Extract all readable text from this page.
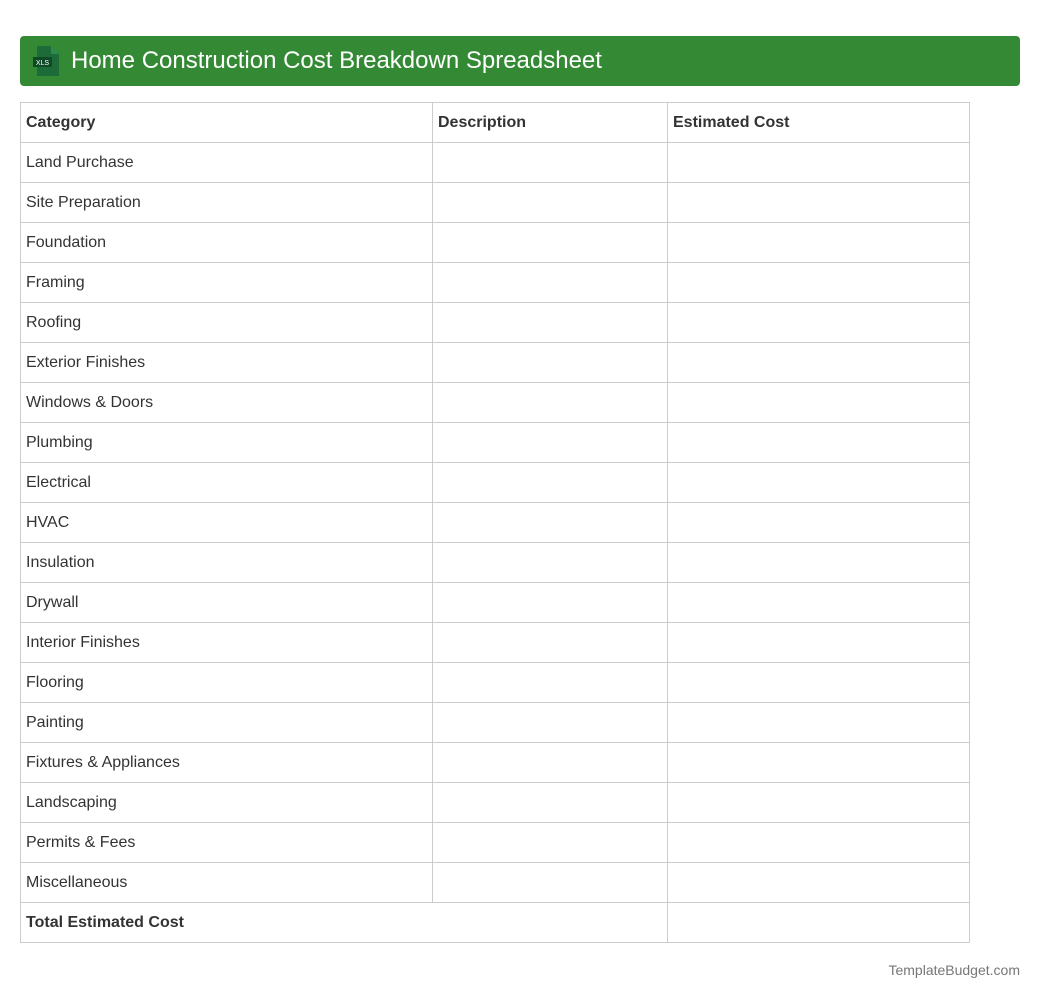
XLS Home Construction Cost Breakdown Spreadsheet
Category	Description	Estimated Cost
Land Purchase		
Site Preparation		
Foundation		
Framing		
Roofing		
Exterior Finishes		
Windows & Doors		
Plumbing		
Electrical		
HVAC		
Insulation		
Drywall		
Interior Finishes		
Flooring		
Painting		
Fixtures & Appliances		
Landscaping		
Permits & Fees		
Miscellaneous		
Total Estimated Cost		
TemplateBudget.com
